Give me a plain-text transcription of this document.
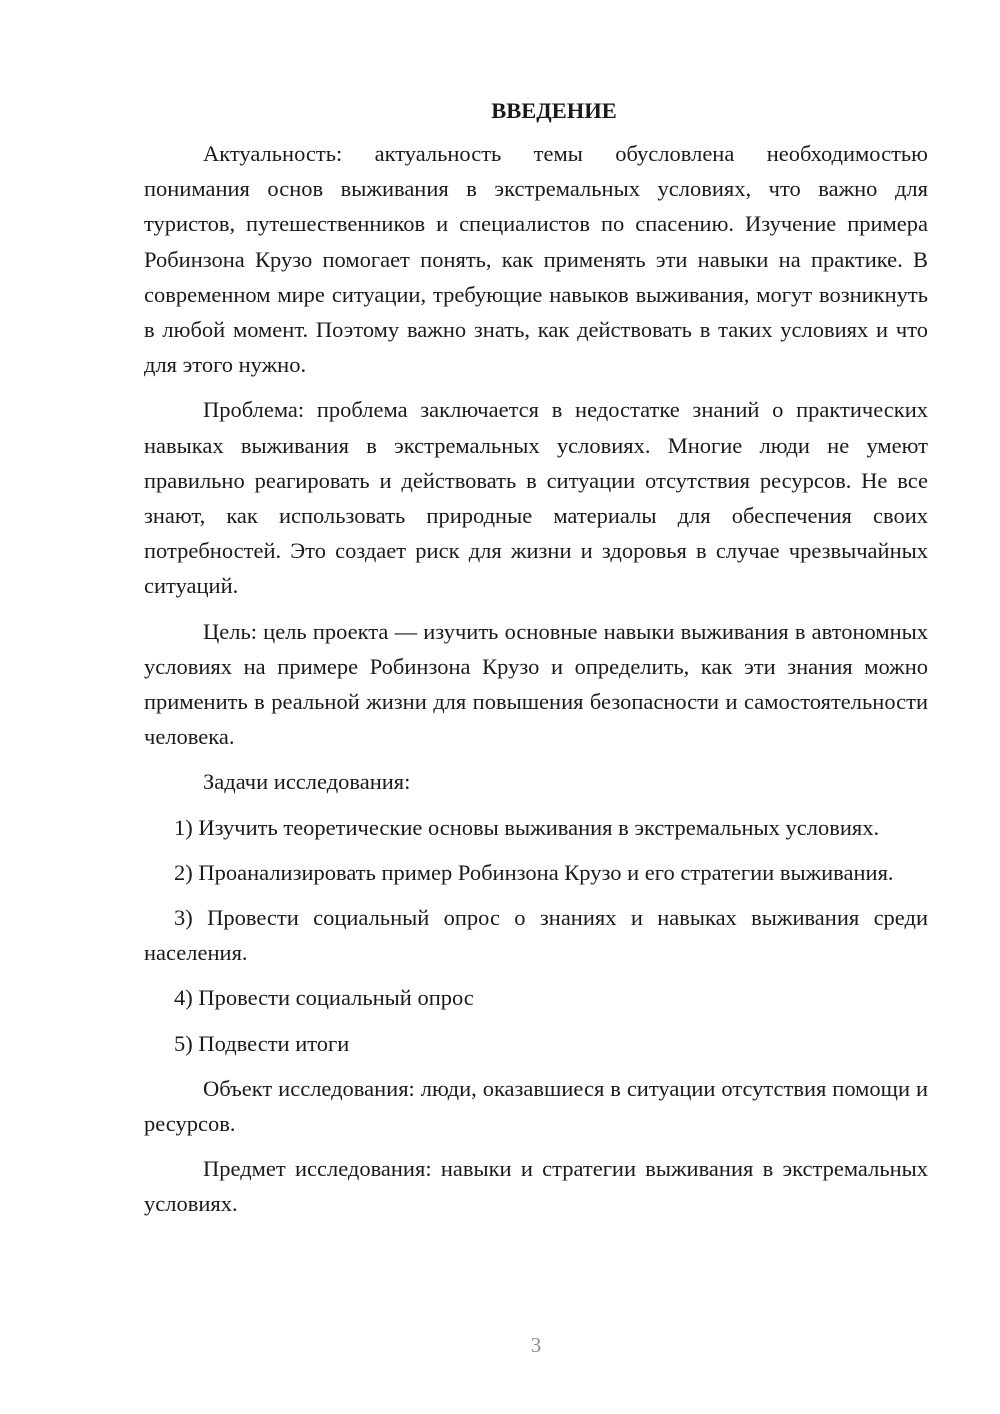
ВВЕДЕНИЕ

Актуальность: актуальность темы обусловлена необходимостью понимания основ выживания в экстремальных условиях, что важно для туристов, путешественников и специалистов по спасению. Изучение примера Робинзона Крузо помогает понять, как применять эти навыки на практике. В современном мире ситуации, требующие навыков выживания, могут возникнуть в любой момент. Поэтому важно знать, как действовать в таких условиях и что для этого нужно.

Проблема: проблема заключается в недостатке знаний о практических навыках выживания в экстремальных условиях. Многие люди не умеют правильно реагировать и действовать в ситуации отсутствия ресурсов. Не все знают, как использовать природные материалы для обеспечения своих потребностей. Это создает риск для жизни и здоровья в случае чрезвычайных ситуаций.

Цель: цель проекта — изучить основные навыки выживания в автономных условиях на примере Робинзона Крузо и определить, как эти знания можно применить в реальной жизни для повышения безопасности и самостоятельности человека.

Задачи исследования:

1) Изучить теоретические основы выживания в экстремальных условиях.

2) Проанализировать пример Робинзона Крузо и его стратегии выживания.

3) Провести социальный опрос о знаниях и навыках выживания среди населения.

4) Провести социальный опрос

5) Подвести итоги

Объект исследования: люди, оказавшиеся в ситуации отсутствия помощи и ресурсов.

Предмет исследования: навыки и стратегии выживания в экстремальных условиях.

3
